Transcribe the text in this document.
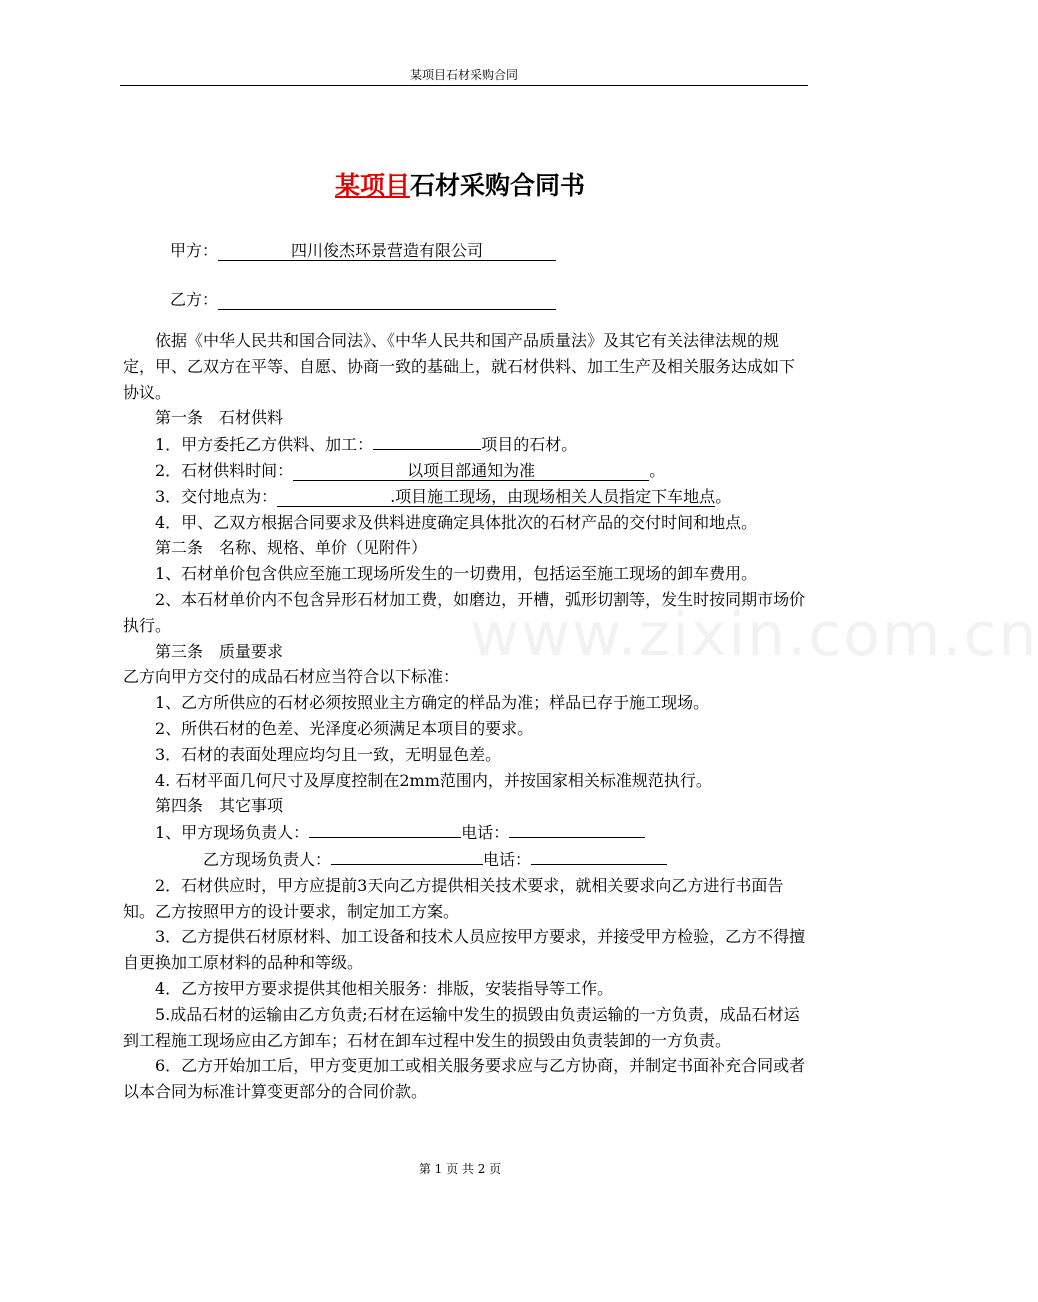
某项目石材采购合同
www.zixin.com.cn
某项目石材采购合同书
甲方：	四川俊杰环景营造有限公司
乙方：

依据《中华人民共和国合同法》、《中华人民共和国产品质量法》及其它有关法律法规的规定，甲、乙双方在平等、自愿、协商一致的基础上，就石材供料、加工生产及相关服务达成如下协议。

第一条　石材供料

1．甲方委托乙方供料、加工：	项目的石材。

2．石材供料时间：	以项目部通知为准	。

3．交付地点为：	.项目施工现场，由现场相关人员指定下车地点。

4．甲、乙双方根据合同要求及供料进度确定具体批次的石材产品的交付时间和地点。

第二条　名称、规格、单价（见附件）

1、石材单价包含供应至施工现场所发生的一切费用，包括运至施工现场的卸车费用。

2、本石材单价内不包含异形石材加工费，如磨边，开槽，弧形切割等，发生时按同期市场价执行。

第三条　质量要求

乙方向甲方交付的成品石材应当符合以下标准：

1、乙方所供应的石材必须按照业主方确定的样品为准；样品已存于施工现场。

2、所供石材的色差、光泽度必须满足本项目的要求。

3．石材的表面处理应均匀且一致，无明显色差。

4. 石材平面几何尺寸及厚度控制在2mm范围内，并按国家相关标准规范执行。

第四条　其它事项

1、甲方现场负责人：	电话：

乙方现场负责人：	电话：

2．石材供应时，甲方应提前3天向乙方提供相关技术要求，就相关要求向乙方进行书面告知。乙方按照甲方的设计要求，制定加工方案。

3．乙方提供石材原材料、加工设备和技术人员应按甲方要求，并接受甲方检验，乙方不得擅自更换加工原材料的品种和等级。

4．乙方按甲方要求提供其他相关服务：排版，安装指导等工作。

5.成品石材的运输由乙方负责;石材在运输中发生的损毁由负责运输的一方负责，成品石材运到工程施工现场应由乙方卸车；石材在卸车过程中发生的损毁由负责装卸的一方负责。

6．乙方开始加工后，甲方变更加工或相关服务要求应与乙方协商，并制定书面补充合同或者以本合同为标准计算变更部分的合同价款。

第 1 页 共 2 页
